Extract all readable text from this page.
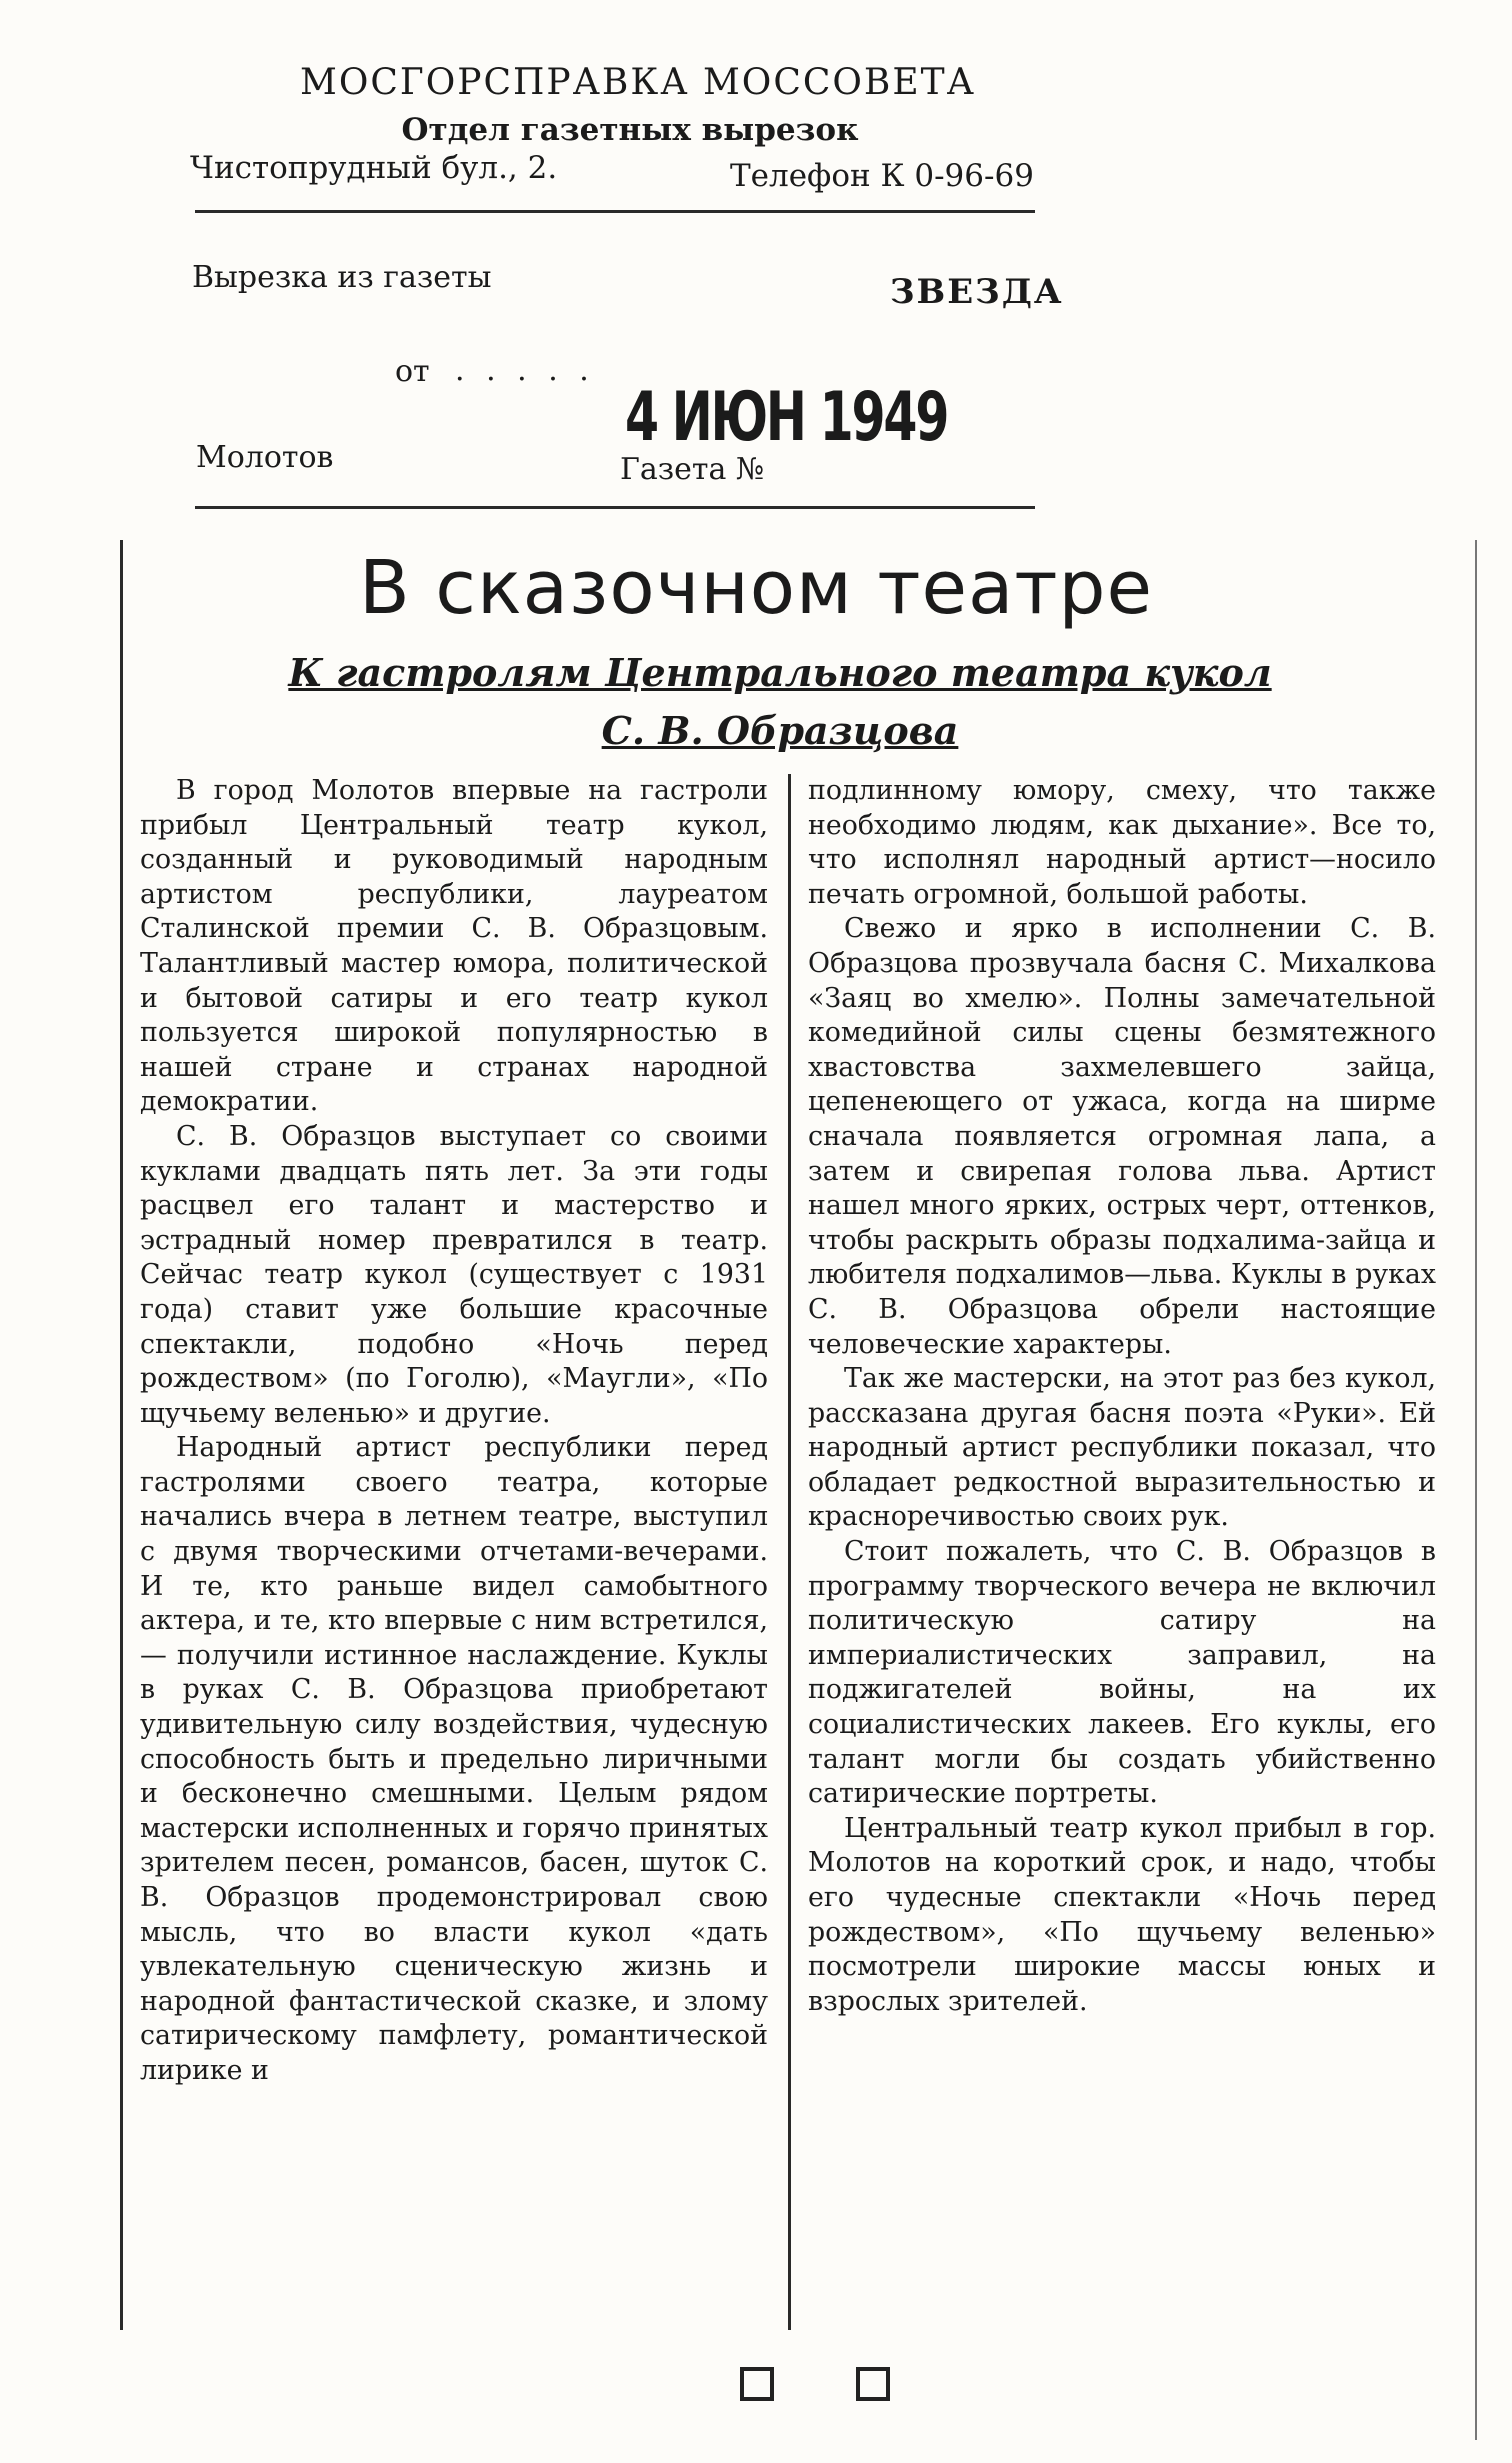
МОСГОРСПРАВКА МОССОВЕТА
Отдел газетных вырезок
Чистопрудный бул., 2.	Телефон К 0-96-69
Вырезка из газеты	ЗВЕЗДА
от · · · · · 4 ИЮН 1949
Молотов	Газета №
В сказочном театре
К гастролям Центрального театра кукол
С. В. Образцова

В город Молотов впервые на гастроли прибыл Центральный театр кукол, созданный и руководимый народным артистом республики, лауреатом Сталинской премии С. В. Образцовым. Талантливый мастер юмора, политической и бытовой сатиры и его театр кукол пользуется широкой популярностью в нашей стране и странах народной демократии.

С. В. Образцов выступает со своими куклами двадцать пять лет. За эти годы расцвел его талант и мастерство и эстрадный номер превратился в театр. Сейчас театр кукол (существует с 1931 года) ставит уже большие красочные спектакли, подобно «Ночь перед рождеством» (по Гоголю), «Маугли», «По щучьему веленью» и другие.

Народный артист республики перед гастролями своего театра, которые начались вчера в летнем театре, выступил с двумя творческими отчетами-вечерами. И те, кто раньше видел самобытного актера, и те, кто впервые с ним встретился, — получили истинное наслаждение. Куклы в руках С. В. Образцова приобретают удивительную силу воздействия, чудесную способность быть и предельно лиричными и бесконечно смешными. Целым рядом мастерски исполненных и горячо принятых зрителем песен, романсов, басен, шуток С. В. Образцов продемонстрировал свою мысль, что во власти кукол «дать увлекательную сценическую жизнь и народной фантастической сказке, и злому сатирическому памфлету, романтической лирике и

подлинному юмору, смеху, что также необходимо людям, как дыхание». Все то, что исполнял народный артист—носило печать огромной, большой работы.

Свежо и ярко в исполнении С. В. Образцова прозвучала басня С. Михалкова «Заяц во хмелю». Полны замечательной комедийной силы сцены безмятежного хвастовства захмелевшего зайца, цепенеющего от ужаса, когда на ширме сначала появляется огромная лапа, а затем и свирепая голова льва. Артист нашел много ярких, острых черт, оттенков, чтобы раскрыть образы подхалима-зайца и любителя подхалимов—льва. Куклы в руках С. В. Образцова обрели настоящие человеческие характеры.

Так же мастерски, на этот раз без кукол, рассказана другая басня поэта «Руки». Ей народный артист республики показал, что обладает редкостной выразительностью и красноречивостью своих рук.

Стоит пожалеть, что С. В. Образцов в программу творческого вечера не включил политическую сатиру на империалистических заправил, на поджигателей войны, на их социалистических лакеев. Его куклы, его талант могли бы создать убийственно сатирические портреты.

Центральный театр кукол прибыл в гор. Молотов на короткий срок, и надо, чтобы его чудесные спектакли «Ночь перед рождеством», «По щучьему веленью» посмотрели широкие массы юных и взрослых зрителей.
